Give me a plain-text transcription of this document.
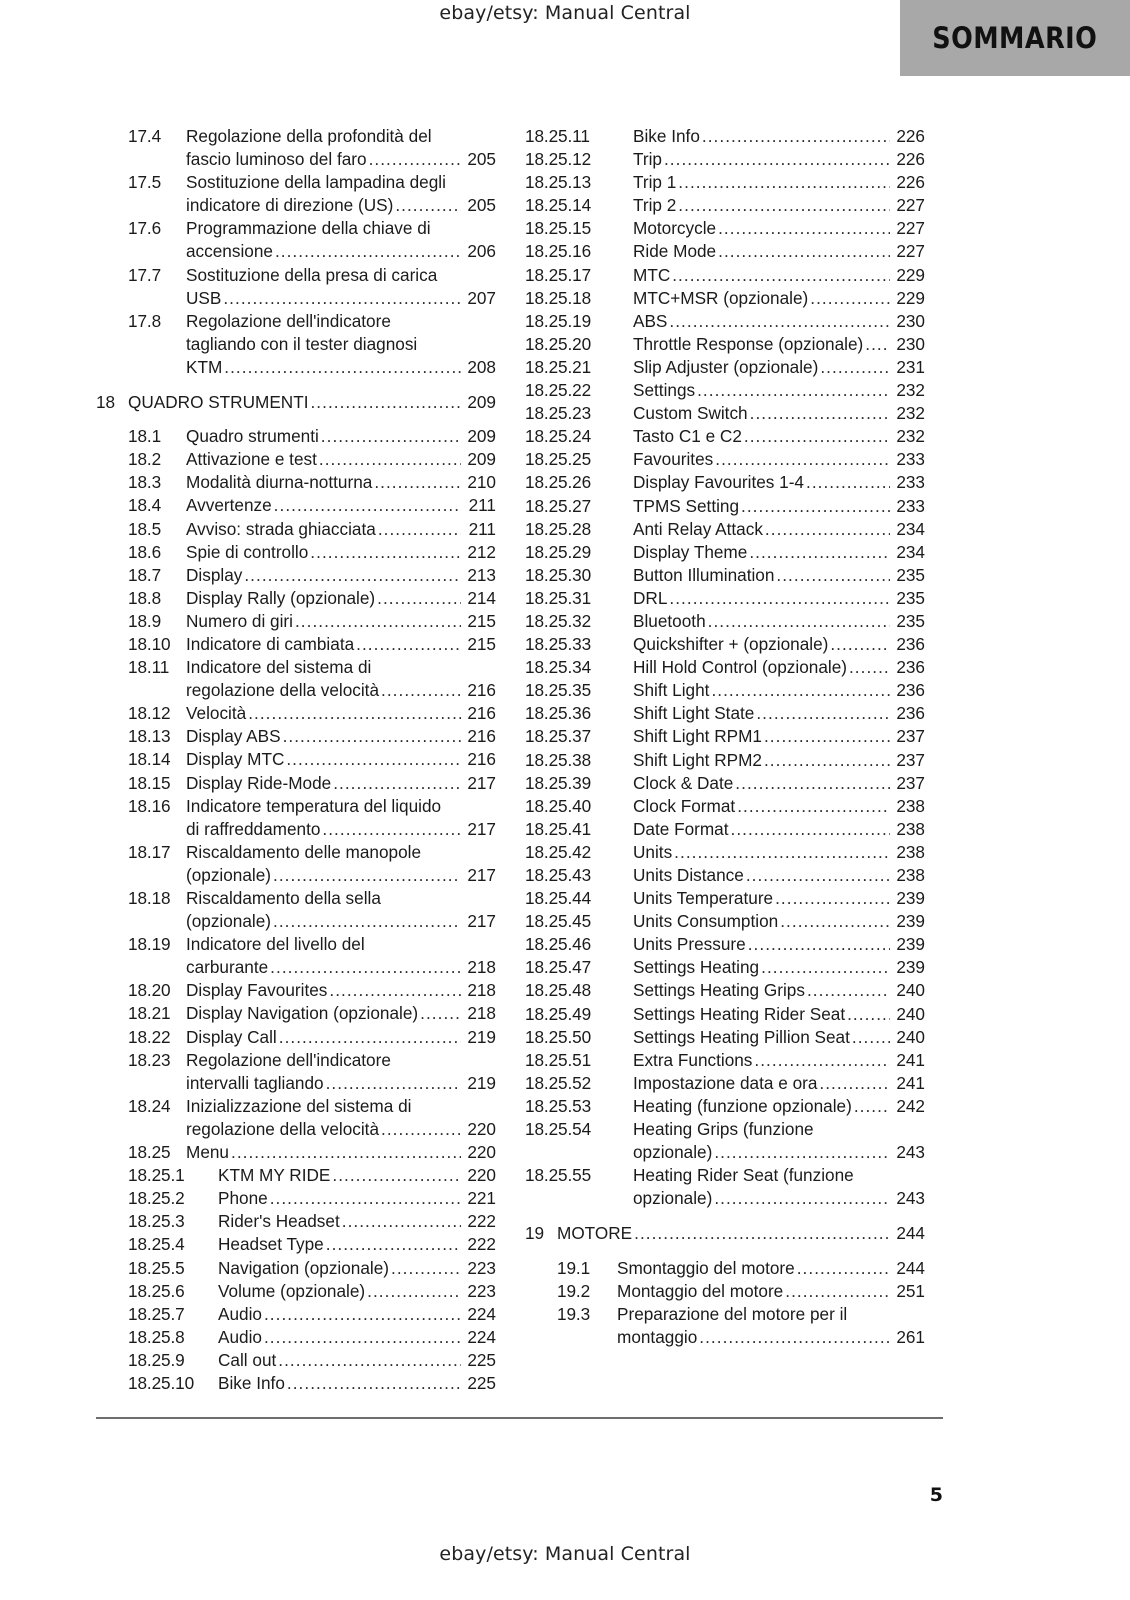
ebay/etsy: Manual Central
SOMMARIO
17.4	Regolazione della profondità del
fascio luminoso del faro .....	205
17.5	Sostituzione della lampadina degli
indicatore di direzione (US) .....	205
17.6	Programmazione della chiave di
accensione .....	206
17.7	Sostituzione della presa di carica
USB .....	207
17.8	Regolazione dell'indicatore
tagliando con il tester diagnosi
KTM .....	208
18 QUADRO STRUMENTI .....	209
18.1	Quadro strumenti .....	209
18.2	Attivazione e test .....	209
18.3	Modalità diurna-notturna .....	210
18.4	Avvertenze .....	211
18.5	Avviso: strada ghiacciata .....	211
18.6	Spie di controllo .....	212
18.7	Display .....	213
18.8	Display Rally (opzionale) .....	214
18.9	Numero di giri .....	215
18.10 Indicatore di cambiata .....	215
18.11 Indicatore del sistema di
regolazione della velocità .....	216
18.12 Velocità .....	216
18.13 Display ABS .....	216
18.14 Display MTC .....	216
18.15 Display Ride-Mode .....	217
18.16 Indicatore temperatura del liquido
di raffreddamento .....	217
18.17 Riscaldamento delle manopole
(opzionale) .....	217
18.18 Riscaldamento della sella
(opzionale) .....	217
18.19 Indicatore del livello del
carburante .....	218
18.20 Display Favourites .....	218
18.21 Display Navigation (opzionale) .....	218
18.22 Display Call .....	219
18.23 Regolazione dell'indicatore
intervalli tagliando .....	219
18.24 Inizializzazione del sistema di
regolazione della velocità .....	220
18.25 Menu .....	220
18.25.1	KTM MY RIDE .....	220
18.25.2	Phone .....	221
18.25.3	Rider's Headset .....	222
18.25.4	Headset Type .....	222
18.25.5	Navigation (opzionale) .....	223
18.25.6	Volume (opzionale) .....	223
18.25.7	Audio .....	224
18.25.8	Audio .....	224
18.25.9	Call out .....	225
18.25.10	Bike Info .....	225
18.25.11	Bike Info .....	226
18.25.12	Trip .....	226
18.25.13	Trip 1 .....	226
18.25.14	Trip 2 .....	227
18.25.15	Motorcycle .....	227
18.25.16	Ride Mode .....	227
18.25.17	MTC .....	229
18.25.18	MTC+MSR (opzionale) .....	229
18.25.19	ABS .....	230
18.25.20	Throttle Response (opzionale) .....	230
18.25.21	Slip Adjuster (opzionale) .....	231
18.25.22	Settings .....	232
18.25.23	Custom Switch .....	232
18.25.24	Tasto C1 e C2 .....	232
18.25.25	Favourites .....	233
18.25.26	Display Favourites 1-4 .....	233
18.25.27	TPMS Setting .....	233
18.25.28	Anti Relay Attack .....	234
18.25.29	Display Theme .....	234
18.25.30	Button Illumination .....	235
18.25.31	DRL .....	235
18.25.32	Bluetooth .....	235
18.25.33	Quickshifter + (opzionale) .....	236
18.25.34	Hill Hold Control (opzionale) .....	236
18.25.35	Shift Light .....	236
18.25.36	Shift Light State .....	236
18.25.37	Shift Light RPM1 .....	237
18.25.38	Shift Light RPM2 .....	237
18.25.39	Clock & Date .....	237
18.25.40	Clock Format .....	238
18.25.41	Date Format .....	238
18.25.42	Units .....	238
18.25.43	Units Distance .....	238
18.25.44	Units Temperature .....	239
18.25.45	Units Consumption .....	239
18.25.46	Units Pressure .....	239
18.25.47	Settings Heating .....	239
18.25.48	Settings Heating Grips .....	240
18.25.49	Settings Heating Rider Seat .....	240
18.25.50	Settings Heating Pillion Seat .....	240
18.25.51	Extra Functions .....	241
18.25.52	Impostazione data e ora .....	241
18.25.53	Heating (funzione opzionale) .....	242
18.25.54	Heating Grips (funzione
opzionale) .....	243
18.25.55	Heating Rider Seat (funzione
opzionale) .....	243
19 MOTORE .....	244
19.1	Smontaggio del motore .....	244
19.2	Montaggio del motore .....	251
19.3	Preparazione del motore per il
montaggio .....	261
5
ebay/etsy: Manual Central
